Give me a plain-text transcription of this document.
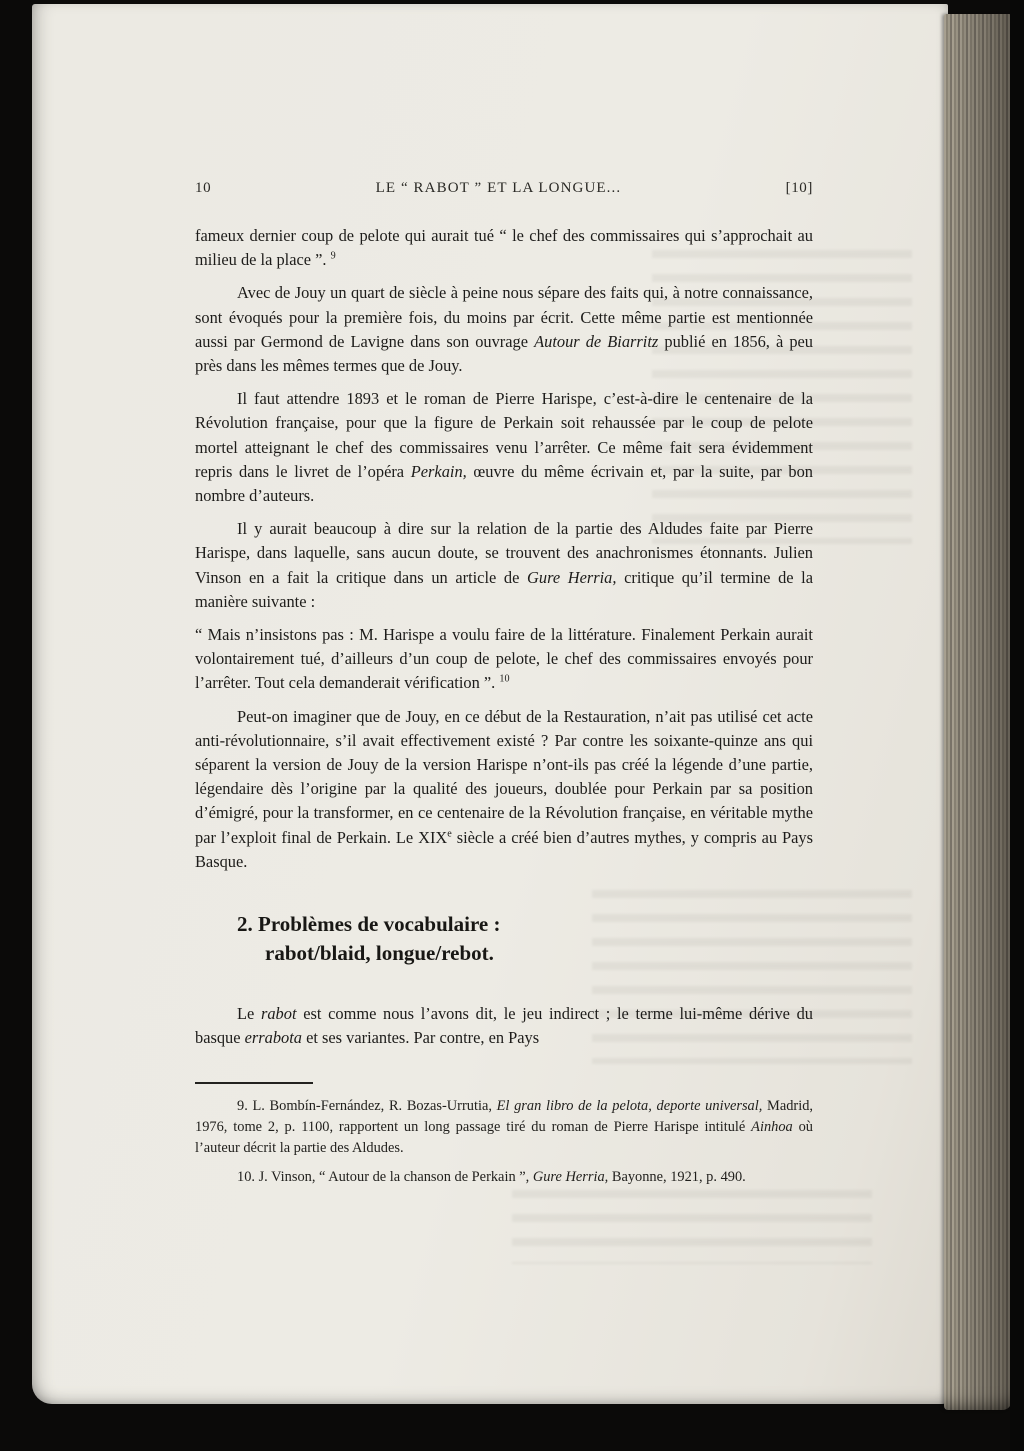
10	LE “ RABOT ” ET LA LONGUE...	[10]

fameux dernier coup de pelote qui aurait tué “ le chef des commissaires qui s’approchait au milieu de la place ”. $^9$

Avec de Jouy un quart de siècle à peine nous sépare des faits qui, à notre connaissance, sont évoqués pour la première fois, du moins par écrit. Cette même partie est mentionnée aussi par Germond de Lavigne dans son ouvrage Autour de Biarritz publié en 1856, à peu près dans les mêmes termes que de Jouy.

Il faut attendre 1893 et le roman de Pierre Harispe, c’est-à-dire le centenaire de la Révolution française, pour que la figure de Perkain soit rehaussée par le coup de pelote mortel atteignant le chef des commissaires venu l’arrêter. Ce même fait sera évidemment repris dans le livret de l’opéra Perkain, œuvre du même écrivain et, par la suite, par bon nombre d’auteurs.

Il y aurait beaucoup à dire sur la relation de la partie des Aldudes faite par Pierre Harispe, dans laquelle, sans aucun doute, se trouvent des anachronismes étonnants. Julien Vinson en a fait la critique dans un article de Gure Herria, critique qu’il termine de la manière suivante :

“ Mais n’insistons pas : M. Harispe a voulu faire de la littérature. Finalement Perkain aurait volontairement tué, d’ailleurs d’un coup de pelote, le chef des commissaires envoyés pour l’arrêter. Tout cela demanderait vérification ”. $^{10}$

Peut-on imaginer que de Jouy, en ce début de la Restauration, n’ait pas utilisé cet acte anti-révolutionnaire, s’il avait effectivement existé ? Par contre les soixante-quinze ans qui séparent la version de Jouy de la version Harispe n’ont-ils pas créé la légende d’une partie, légendaire dès l’origine par la qualité des joueurs, doublée pour Perkain par sa position d’émigré, pour la transformer, en ce centenaire de la Révolution française, en véritable mythe par l’exploit final de Perkain. Le XIXe siècle a créé bien d’autres mythes, y compris au Pays Basque.

2. Problèmes de vocabulaire :
rabot/blaid, longue/rebot.

Le rabot est comme nous l’avons dit, le jeu indirect ; le terme lui-même dérive du basque errabota et ses variantes. Par contre, en Pays

9. L. Bombín-Fernández, R. Bozas-Urrutia, El gran libro de la pelota, deporte universal, Madrid, 1976, tome 2, p. 1100, rapportent un long passage tiré du roman de Pierre Harispe intitulé Ainhoa où l’auteur décrit la partie des Aldudes.

10. J. Vinson, “ Autour de la chanson de Perkain ”, Gure Herria, Bayonne, 1921, p. 490.
